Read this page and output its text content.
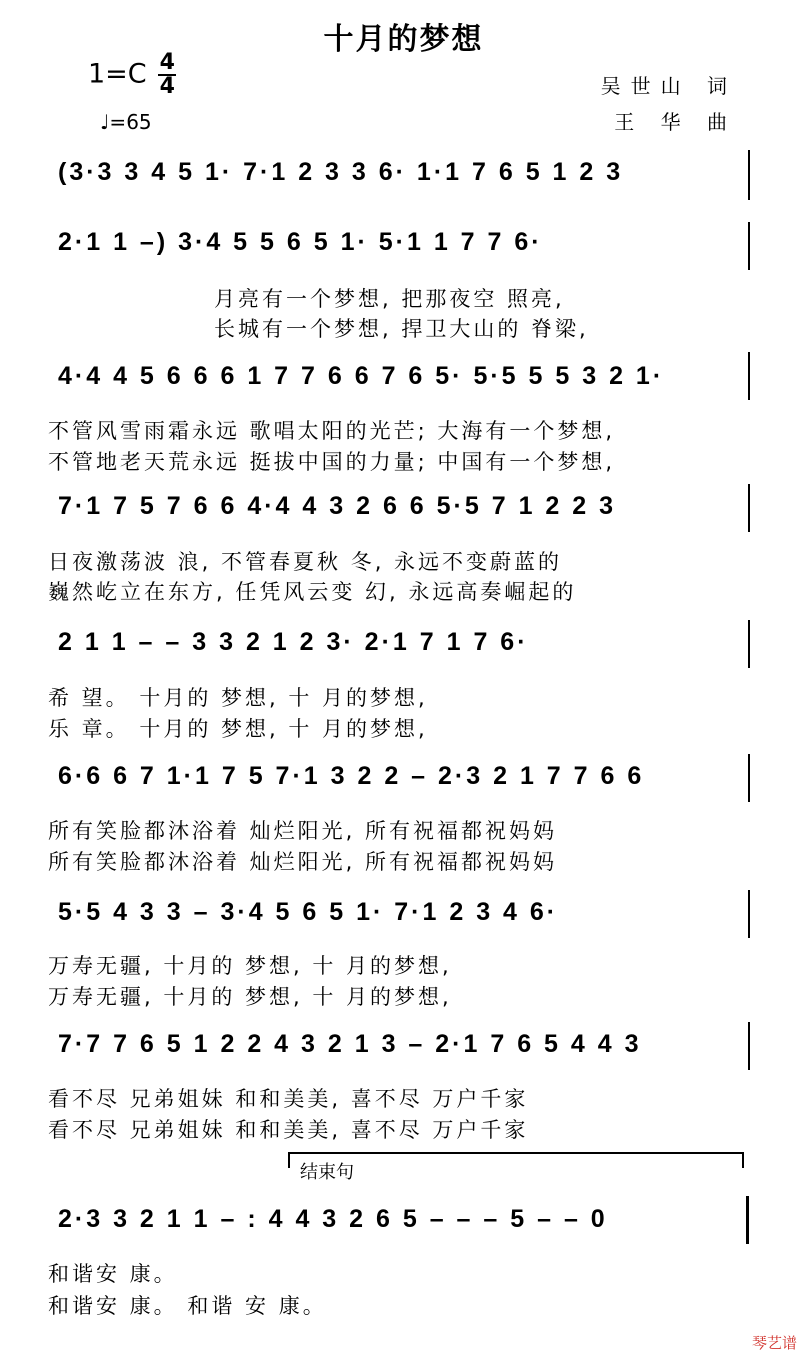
十月的梦想
$1=C \frac{4}{4}$
♩=65
吴世山 词
王 华 曲
(3·3 3 4 5 1· 7·1 2 3 3 6· 1·1 7 6 5 1 2 3
2·1 1 –) 3·4 5 5 6 5 1· 5·1 1 7 7 6·
月亮有一个梦想, 把那夜空 照亮,
长城有一个梦想, 捍卫大山的 脊梁,
4·4 4 5 6 6 6 1 7 7 6 6 7 6 5· 5·5 5 5 3 2 1·
不管风雪雨霜永远 歌唱太阳的光芒; 大海有一个梦想,
不管地老天荒永远 挺拔中国的力量; 中国有一个梦想,
7·1 7 5 7 6 6 4·4 4 3 2 6 6 5·5 7 1 2 2 3
日夜激荡波 浪, 不管春夏秋 冬, 永远不变蔚蓝的
巍然屹立在东方, 任凭风云变 幻, 永远高奏崛起的
2 1 1 – – 3 3 2 1 2 3· 2·1 7 1 7 6·
希 望。 十月的 梦想, 十 月的梦想,
乐 章。 十月的 梦想, 十 月的梦想,
6·6 6 7 1·1 7 5 7·1 3 2 2 – 2·3 2 1 7 7 6 6
所有笑脸都沐浴着 灿烂阳光, 所有祝福都祝妈妈
所有笑脸都沐浴着 灿烂阳光, 所有祝福都祝妈妈
5·5 4 3 3 – 3·4 5 6 5 1· 7·1 2 3 4 6·
万寿无疆, 十月的 梦想, 十 月的梦想,
万寿无疆, 十月的 梦想, 十 月的梦想,
7·7 7 6 5 1 2 2 4 3 2 1 3 – 2·1 7 6 5 4 4 3
看不尽 兄弟姐妹 和和美美, 喜不尽 万户千家
看不尽 兄弟姐妹 和和美美, 喜不尽 万户千家
结束句
2·3 3 2 1 1 – : 4 4 3 2 6 5 – – – 5 – – 0
和谐安 康。
和谐安 康。 和谐 安 康。
琴艺谱
